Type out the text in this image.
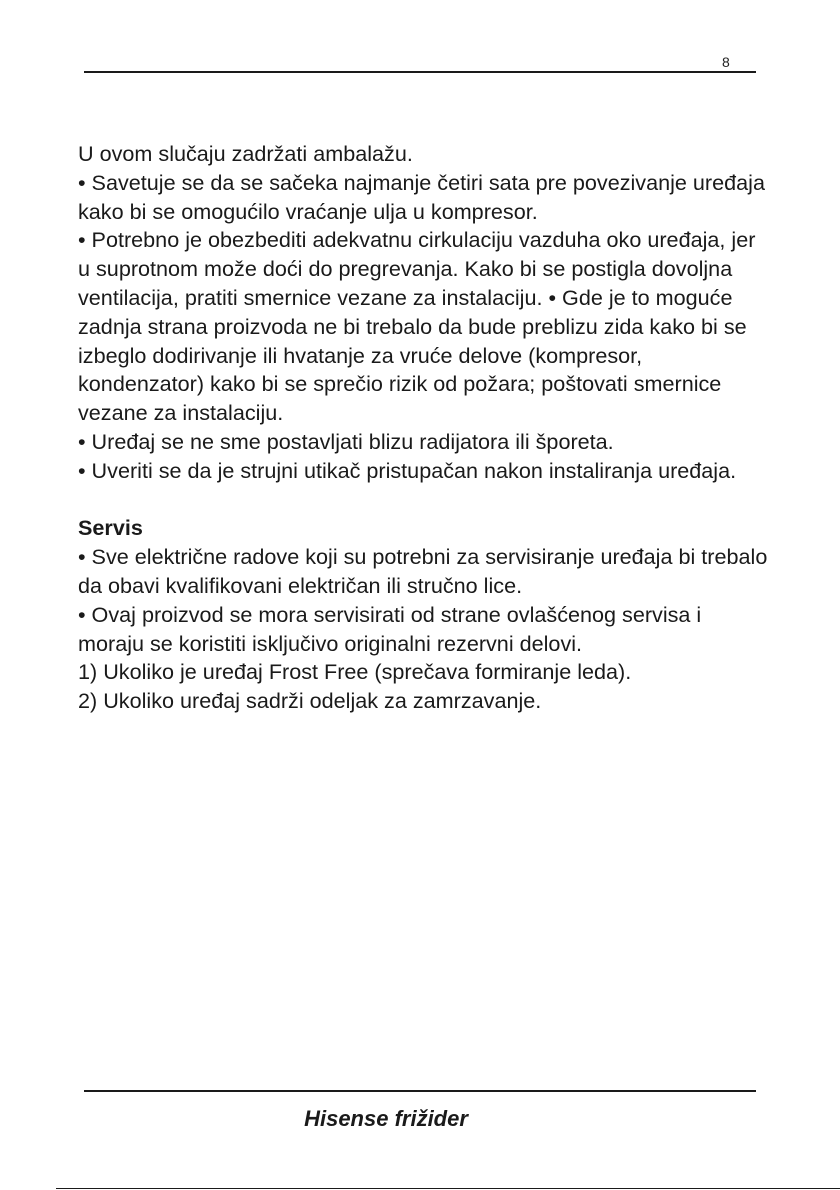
8

U ovom slučaju zadržati ambalažu.

• Savetuje se da se sačeka najmanje četiri sata pre povezivanje uređaja kako bi se omogućilo vraćanje ulja u kompresor.

• Potrebno je obezbediti adekvatnu cirkulaciju vazduha oko uređaja, jer u suprotnom može doći do pregrevanja. Kako bi se postigla dovoljna ventilacija, pratiti smernice vezane za instalaciju. • Gde je to moguće zadnja strana proizvoda ne bi trebalo da bude preblizu zida kako bi se izbeglo dodirivanje ili hvatanje za vruće delove (kompresor, kondenzator) kako bi se sprečio rizik od požara; poštovati smernice vezane za instalaciju.

• Uređaj se ne sme postavljati blizu radijatora ili šporeta.

• Uveriti se da je strujni utikač pristupačan nakon instaliranja uređaja.

Servis

• Sve električne radove koji su potrebni za servisiranje uređaja bi trebalo da obavi kvalifikovani električan ili stručno lice.

• Ovaj proizvod se mora servisirati od strane ovlašćenog servisa i moraju se koristiti isključivo originalni rezervni delovi.

1) Ukoliko je uređaj Frost Free (sprečava formiranje leda).

2) Ukoliko uređaj sadrži odeljak za zamrzavanje.

Hisense frižider
